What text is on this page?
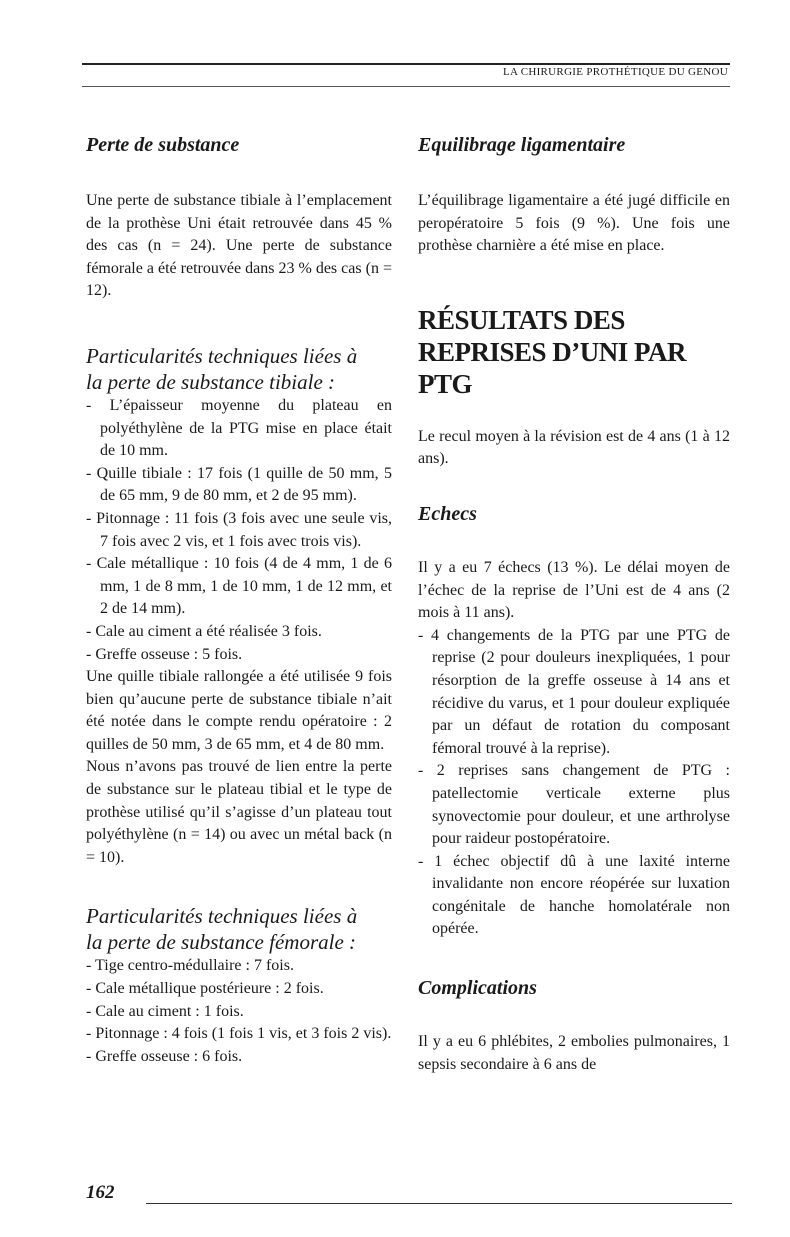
LA CHIRURGIE PROTHÉTIQUE DU GENOU
Perte de substance

Une perte de substance tibiale à l’emplacement de la prothèse Uni était retrouvée dans 45 % des cas (n = 24). Une perte de substance fémorale a été retrouvée dans 23 % des cas (n = 12).

Particularités techniques liées à
la perte de substance tibiale :
- L’épaisseur moyenne du plateau en polyéthylène de la PTG mise en place était de 10 mm.
- Quille tibiale : 17 fois (1 quille de 50 mm, 5 de 65 mm, 9 de 80 mm, et 2 de 95 mm).
- Pitonnage : 11 fois (3 fois avec une seule vis, 7 fois avec 2 vis, et 1 fois avec trois vis).
- Cale métallique : 10 fois (4 de 4 mm, 1 de 6 mm, 1 de 8 mm, 1 de 10 mm, 1 de 12 mm, et 2 de 14 mm).
- Cale au ciment a été réalisée 3 fois.
- Greffe osseuse : 5 fois.

Une quille tibiale rallongée a été utilisée 9 fois bien qu’aucune perte de substance tibiale n’ait été notée dans le compte rendu opératoire : 2 quilles de 50 mm, 3 de 65 mm, et 4 de 80 mm.

Nous n’avons pas trouvé de lien entre la perte de substance sur le plateau tibial et le type de prothèse utilisé qu’il s’agisse d’un plateau tout polyéthylène (n = 14) ou avec un métal back (n = 10).

Particularités techniques liées à
la perte de substance fémorale :
- Tige centro-médullaire : 7 fois.
- Cale métallique postérieure : 2 fois.
- Cale au ciment : 1 fois.
- Pitonnage : 4 fois (1 fois 1 vis, et 3 fois 2 vis).
- Greffe osseuse : 6 fois.
Equilibrage ligamentaire

L’équilibrage ligamentaire a été jugé difficile en peropératoire 5 fois (9 %). Une fois une prothèse charnière a été mise en place.

RÉSULTATS DES
REPRISES D’UNI PAR PTG

Le recul moyen à la révision est de 4 ans (1 à 12 ans).

Echecs

Il y a eu 7 échecs (13 %). Le délai moyen de l’échec de la reprise de l’Uni est de 4 ans (2 mois à 11 ans).

- 4 changements de la PTG par une PTG de reprise (2 pour douleurs inexpliquées, 1 pour résorption de la greffe osseuse à 14 ans et récidive du varus, et 1 pour douleur expliquée par un défaut de rotation du composant fémoral trouvé à la reprise).
- 2 reprises sans changement de PTG : patellectomie verticale externe plus synovectomie pour douleur, et une arthrolyse pour raideur postopératoire.
- 1 échec objectif dû à une laxité interne invalidante non encore réopérée sur luxation congénitale de hanche homolatérale non opérée.
Complications

Il y a eu 6 phlébites, 2 embolies pulmonaires, 1 sepsis secondaire à 6 ans de

162
